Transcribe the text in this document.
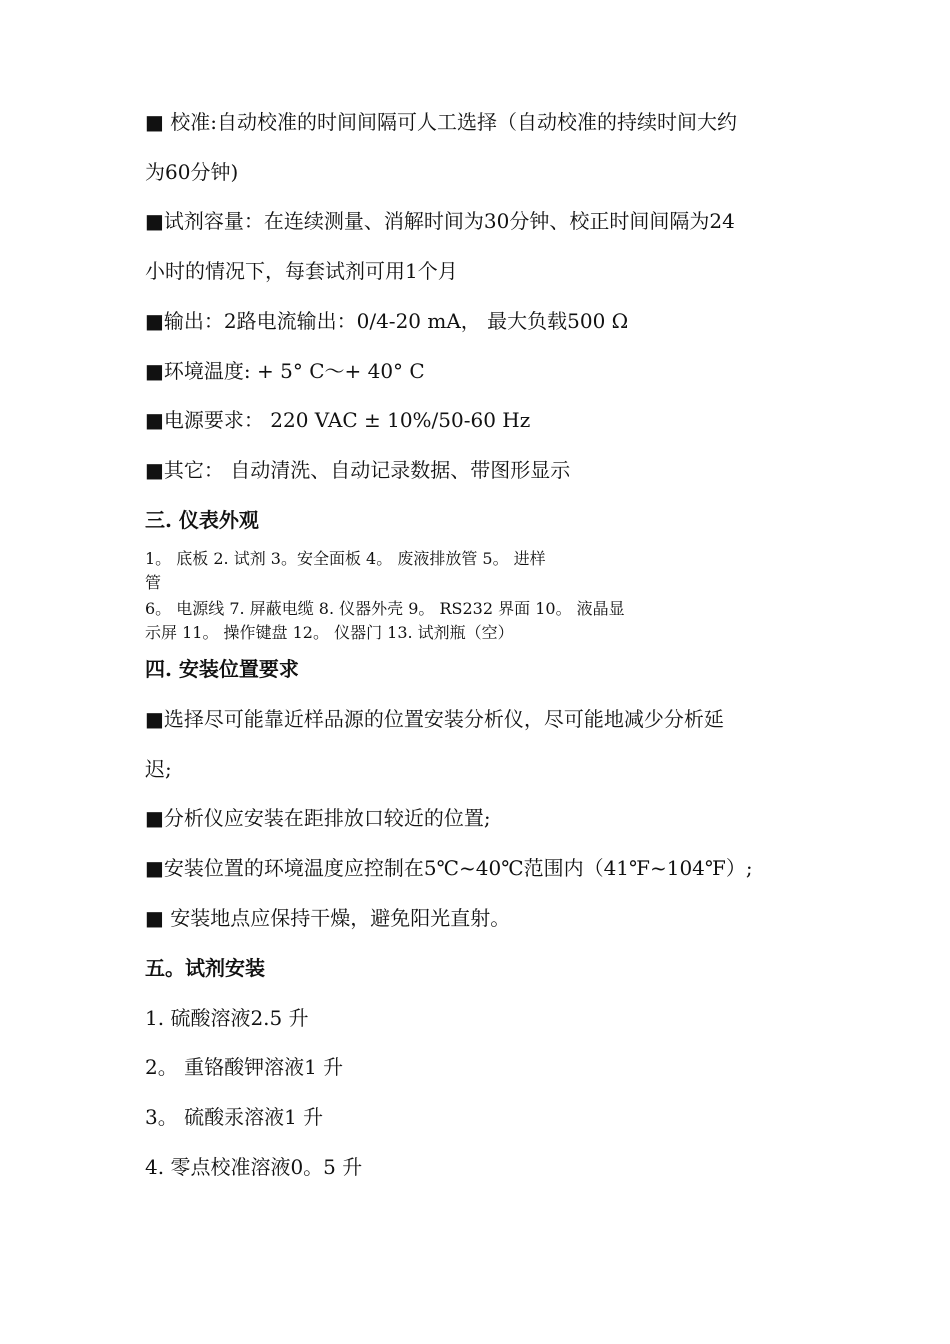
■ 校准:自动校准的时间间隔可人工选择（自动校准的持续时间大约
为60分钟)
■试剂容量：在连续测量、消解时间为30分钟、校正时间间隔为24
小时的情况下，每套试剂可用1个月
■输出：2路电流输出：0/4-20 mA， 最大负载500 Ω
■环境温度: + 5° C～+ 40° C
■电源要求： 220 VAC ± 10%/50-60 Hz
■其它： 自动清洗、自动记录数据、带图形显示
三. 仪表外观
1。 底板 2. 试剂 3。安全面板 4。 废液排放管 5。 进样
管
6。 电源线 7. 屏蔽电缆 8. 仪器外壳 9。 RS232 界面 10。 液晶显
示屏 11。 操作键盘 12。 仪器门 13. 试剂瓶（空）
四. 安装位置要求
■选择尽可能靠近样品源的位置安装分析仪，尽可能地减少分析延
迟;
■分析仪应安装在距排放口较近的位置;
■安装位置的环境温度应控制在5℃~40℃范围内（41℉~104℉）;
■ 安装地点应保持干燥，避免阳光直射。
五。试剂安装
1. 硫酸溶液2.5 升
2。 重铬酸钾溶液1 升
3。 硫酸汞溶液1 升
4. 零点校准溶液0。5 升
